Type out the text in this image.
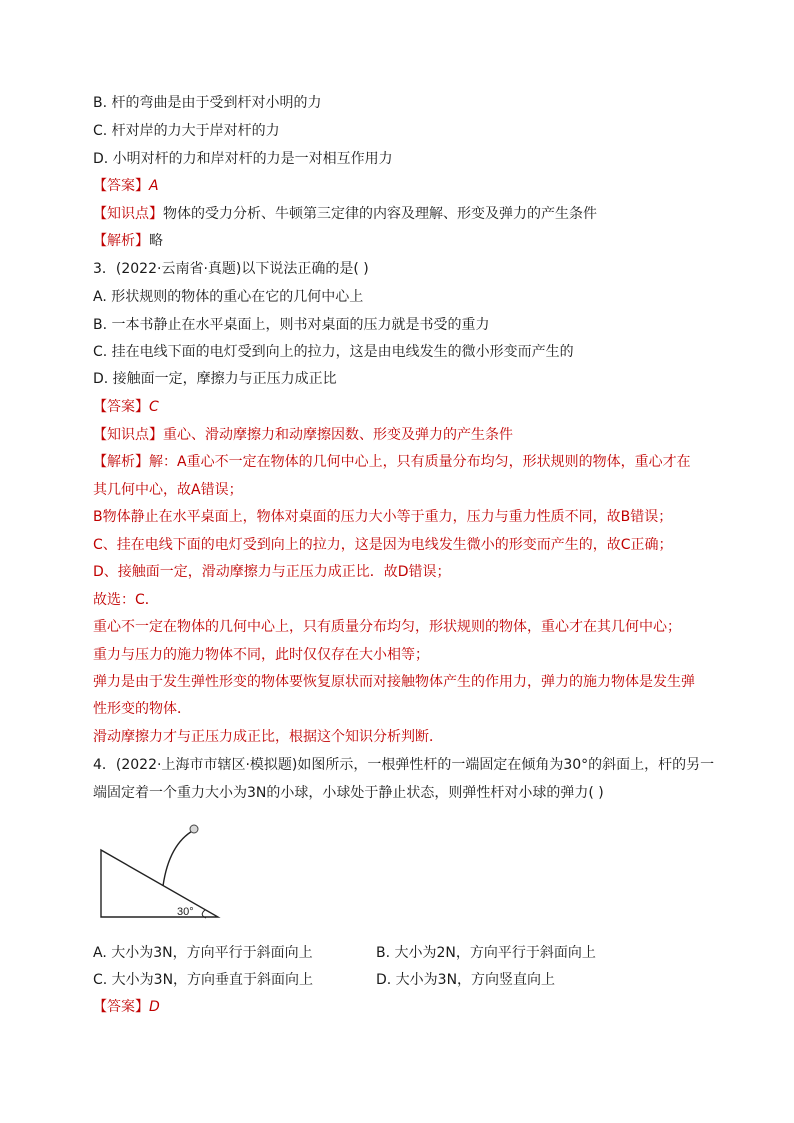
B. 杆的弯曲是由于受到杆对小明的力
C. 杆对岸的力大于岸对杆的力
D. 小明对杆的力和岸对杆的力是一对相互作用力
【答案】A
【知识点】物体的受力分析、牛顿第三定律的内容及理解、形变及弹力的产生条件
【解析】略
3．(2022·云南省·真题)以下说法正确的是( )
A. 形状规则的物体的重心在它的几何中心上
B. 一本书静止在水平桌面上，则书对桌面的压力就是书受的重力
C. 挂在电线下面的电灯受到向上的拉力，这是由电线发生的微小形变而产生的
D. 接触面一定，摩擦力与正压力成正比
【答案】C
【知识点】重心、滑动摩擦力和动摩擦因数、形变及弹力的产生条件
【解析】解：A重心不一定在物体的几何中心上，只有质量分布均匀，形状规则的物体，重心才在
其几何中心，故A错误；
B物体静止在水平桌面上，物体对桌面的压力大小等于重力，压力与重力性质不同，故B错误；
C、挂在电线下面的电灯受到向上的拉力，这是因为电线发生微小的形变而产生的，故C正确；
D、接触面一定，滑动摩擦力与正压力成正比．故D错误；
故选：C．
重心不一定在物体的几何中心上，只有质量分布均匀，形状规则的物体，重心才在其几何中心；
重力与压力的施力物体不同，此时仅仅存在大小相等；
弹力是由于发生弹性形变的物体要恢复原状而对接触物体产生的作用力，弹力的施力物体是发生弹
性形变的物体．
滑动摩擦力才与正压力成正比，根据这个知识分析判断．
4．(2022·上海市市辖区·模拟题)如图所示，一根弹性杆的一端固定在倾角为30°的斜面上，杆的另一
端固定着一个重力大小为3N的小球，小球处于静止状态，则弹性杆对小球的弹力( )
30°
A. 大小为3N，方向平行于斜面向上	B. 大小为2N，方向平行于斜面向上
C. 大小为3N，方向垂直于斜面向上	D. 大小为3N，方向竖直向上
【答案】D
